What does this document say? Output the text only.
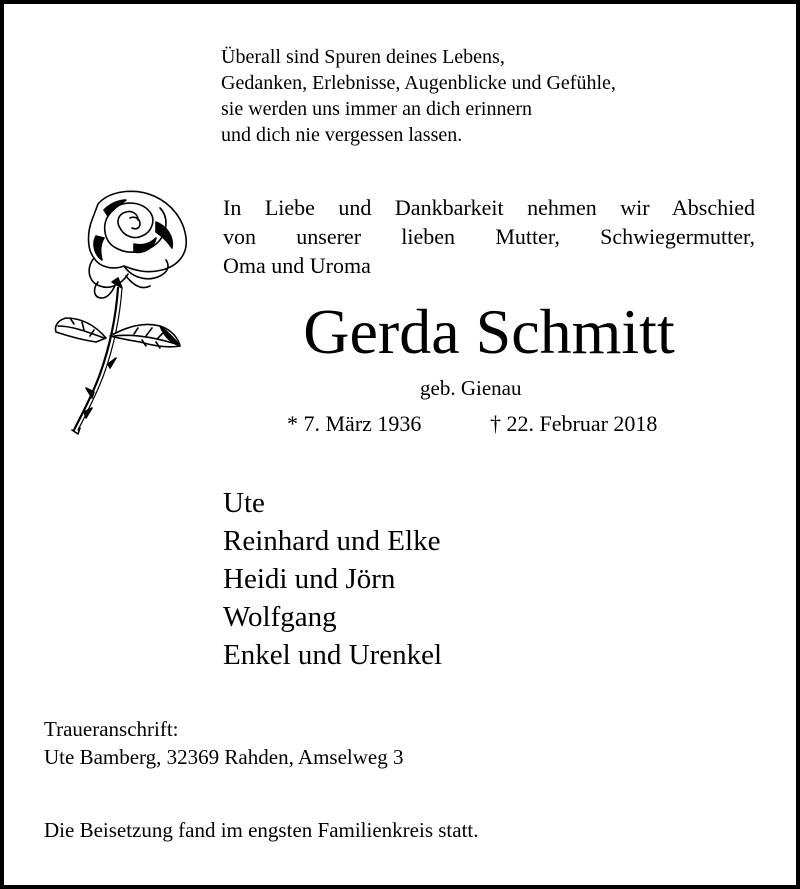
Überall sind Spuren deines Lebens,
Gedanken, Erlebnisse, Augenblicke und Gefühle,
sie werden uns immer an dich erinnern
und dich nie vergessen lassen.
In Liebe und Dankbarkeit nehmen wir Abschied
von unserer lieben Mutter, Schwiegermutter,
Oma und Uroma
Gerda Schmitt
geb. Gienau
* 7. März 1936	† 22. Februar 2018
Ute
Reinhard und Elke
Heidi und Jörn
Wolfgang
Enkel und Urenkel
Traueranschrift:
Ute Bamberg, 32369 Rahden, Amselweg 3
Die Beisetzung fand im engsten Familienkreis statt.
